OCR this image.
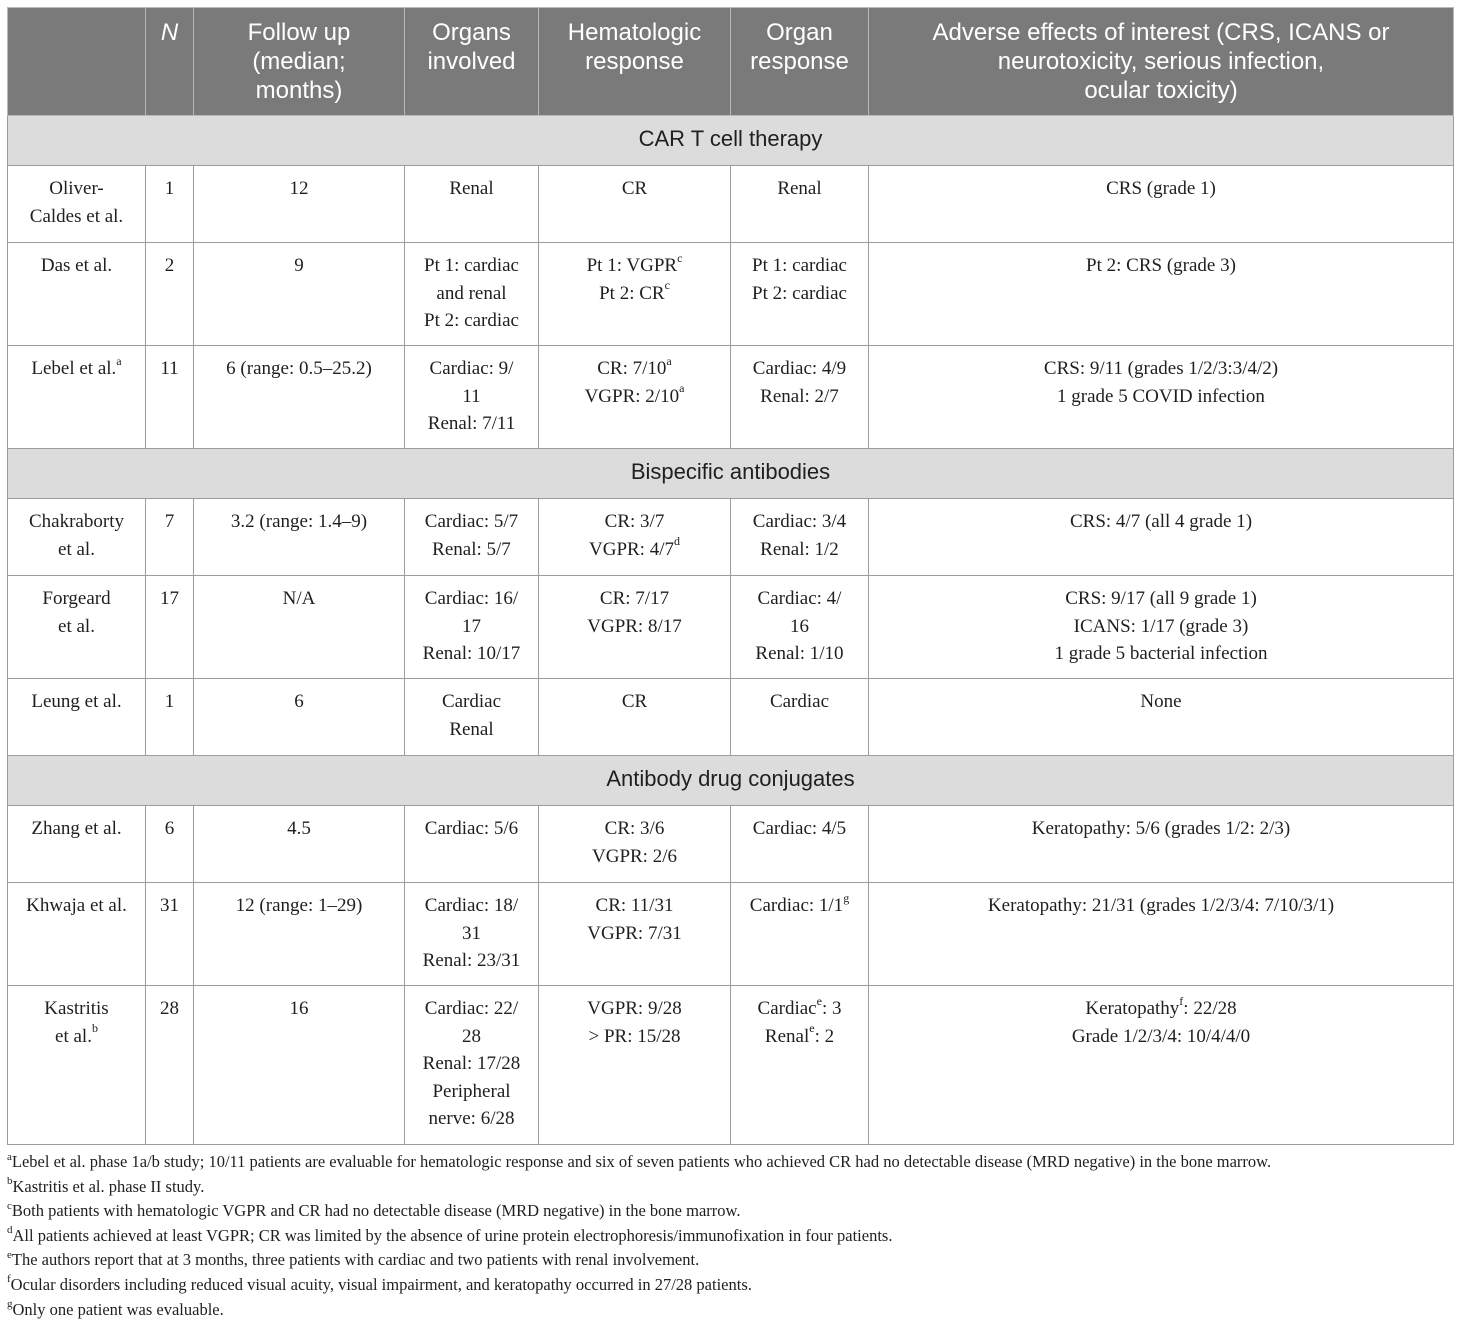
	N	Follow up
(median;
months)	Organs
involved	Hematologic
response	Organ
response	Adverse effects of interest (CRS, ICANS or
neurotoxicity, serious infection,
ocular toxicity)

CAR T cell therapy						

Oliver-
Caldes et al.	1	12	Renal	CR	Renal	CRS (grade 1)

Das et al.	2	9	Pt 1: cardiac
and renal
Pt 2: cardiac	Pt 1: VGPR$^c$
Pt 2: $CR^c$	Pt 1: cardiac
Pt 2: cardiac	Pt 2: CRS (grade 3)

Lebel et al.$^a$	11	6 (range: 0.5–25.2)	Cardiac: 9/
11
Renal: 7/11	CR: 7/10$^a$
VGPR: 2/10$^a$	Cardiac: 4/9
Renal: 2/7	CRS: 9/11 (grades 1/2/3:3/4/2)
1 grade 5 COVID infection

Bispecific antibodies						

Chakraborty
et al.	7	3.2 (range: 1.4–9)	Cardiac: 5/7
Renal: 5/7	CR: 3/7
VGPR: 4/7$^d$	Cardiac: 3/4
Renal: 1/2	CRS: 4/7 (all 4 grade 1)

Forgeard
et al.	17	N/A	Cardiac: 16/
17
Renal: 10/17	CR: 7/17
VGPR: 8/17	Cardiac: 4/
16
Renal: 1/10	CRS: 9/17 (all 9 grade 1)
ICANS: 1/17 (grade 3)
1 grade 5 bacterial infection

Leung et al.	1	6	Cardiac
Renal	CR	Cardiac	None

Antibody drug conjugates						

Zhang et al.	6	4.5	Cardiac: 5/6	CR: 3/6
VGPR: 2/6	Cardiac: 4/5	Keratopathy: 5/6 (grades 1/2: 2/3)

Khwaja et al.	31	12 (range: 1–29)	Cardiac: 18/
31
Renal: 23/31	CR: 11/31
VGPR: 7/31	Cardiac: 1/1$^g$	Keratopathy: 21/31 (grades 1/2/3/4: 7/10/3/1)

Kastritis
et al.$^b$	28	16	Cardiac: 22/
28
Renal: 17/28
Peripheral
nerve: 6/28	VGPR: 9/28
> PR: 15/28	Cardiac$^e$: 3
Renal$^e$: 2	Keratopathy$^f$: 22/28
Grade 1/2/3/4: 10/4/4/0
$^a$Lebel et al. phase 1a/b study; 10/11 patients are evaluable for hematologic response and six of seven patients who achieved CR had no detectable disease (MRD negative) in the bone marrow.
$^b$Kastritis et al. phase II study.
$^c$Both patients with hematologic VGPR and CR had no detectable disease (MRD negative) in the bone marrow.
$^d$All patients achieved at least VGPR; CR was limited by the absence of urine protein electrophoresis/immunofixation in four patients.
$^e$The authors report that at 3 months, three patients with cardiac and two patients with renal involvement.
$^f$Ocular disorders including reduced visual acuity, visual impairment, and keratopathy occurred in 27/28 patients.
$^g$Only one patient was evaluable.
